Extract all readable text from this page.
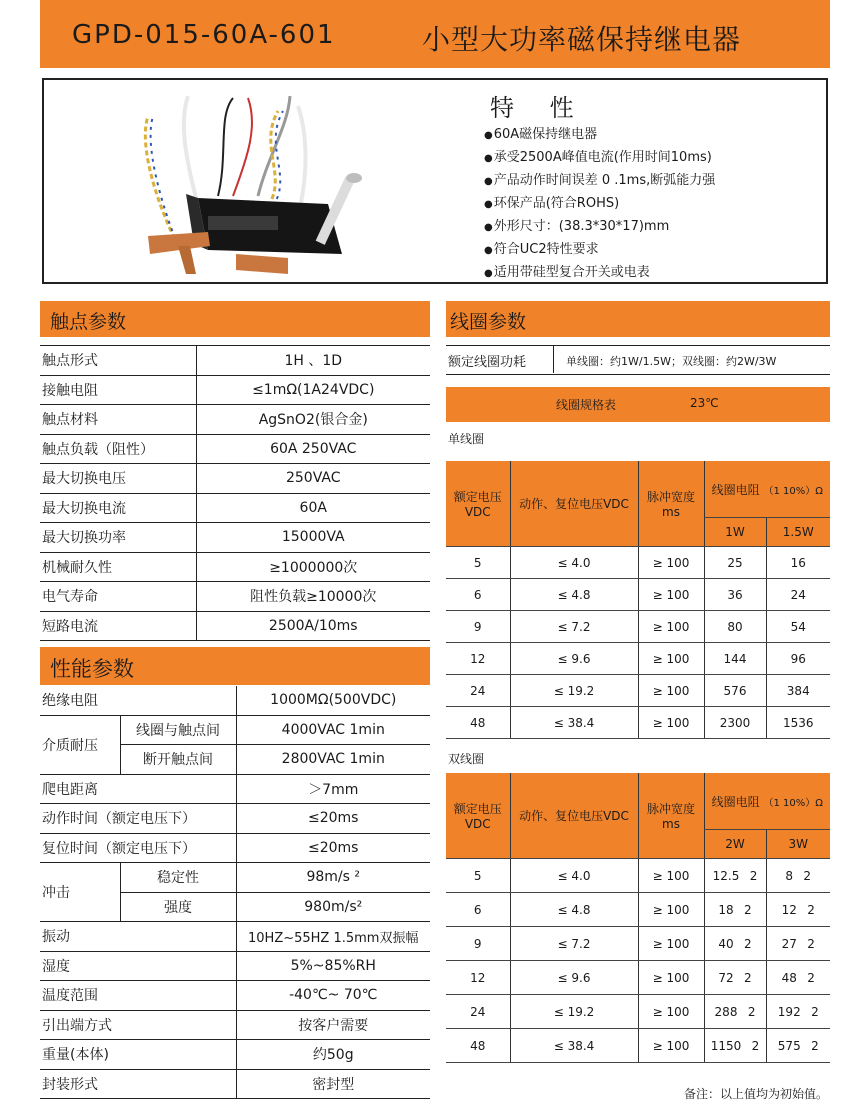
GPD-015-60A-601	小型大功率磁保持继电器
特 性
● 60A磁保持继电器
● 承受2500A峰值电流(作用时间10ms)
● 产品动作时间误差 0 .1ms,断弧能力强
● 环保产品(符合ROHS)
● 外形尺寸：(38.3*30*17)mm
● 符合UC2特性要求
● 适用带硅型复合开关或电表
触点参数
触点形式	1H 、1D
接触电阻	≤1mΩ(1A24VDC)
触点材料	AgSnO2(银合金)
触点负载（阻性）	60A 250VAC
最大切换电压	250VAC
最大切换电流	60A
最大切换功率	15000VA
机械耐久性	≥1000000次
电气寿命	阻性负载≥10000次
短路电流	2500A/10ms
性能参数
绝缘电阻		1000MΩ(500VDC)
介质耐压	线圈与触点间	4000VAC 1min
	断开触点间	2800VAC 1min
爬电距离		＞7mm
动作时间（额定电压下）		≤20ms
复位时间（额定电压下）		≤20ms
冲击	稳定性	98m/s ²
	强度	980m/s²
振动		10HZ~55HZ 1.5mm双振幅
湿度		5%~85%RH
温度范围		-40℃~ 70℃
引出端方式		按客户需要
重量(本体)		约50g
封装形式		密封型
线圈参数
额定线圈功耗	单线圈：约1W/1.5W；双线圈：约2W/3W
线圈规格表	23℃
单线圈
额定电压VDC	动作、复位电压VDC	脉冲宽度ms	线圈电阻 （1 10%）Ω	
			1W	1.5W
5	≤ 4.0	≥ 100	25	16
6	≤ 4.8	≥ 100	36	24
9	≤ 7.2	≥ 100	80	54
12	≤ 9.6	≥ 100	144	96
24	≤ 19.2	≥ 100	576	384
48	≤ 38.4	≥ 100	2300	1536
双线圈
额定电压VDC	动作、复位电压VDC	脉冲宽度ms	线圈电阻 （1 10%）Ω	
			2W	3W
5	≤ 4.0	≥ 100	12.5 2	8 2
6	≤ 4.8	≥ 100	18 2	12 2
9	≤ 7.2	≥ 100	40 2	27 2
12	≤ 9.6	≥ 100	72 2	48 2
24	≤ 19.2	≥ 100	288 2	192 2
48	≤ 38.4	≥ 100	1150 2	575 2
备注：以上值均为初始值。
